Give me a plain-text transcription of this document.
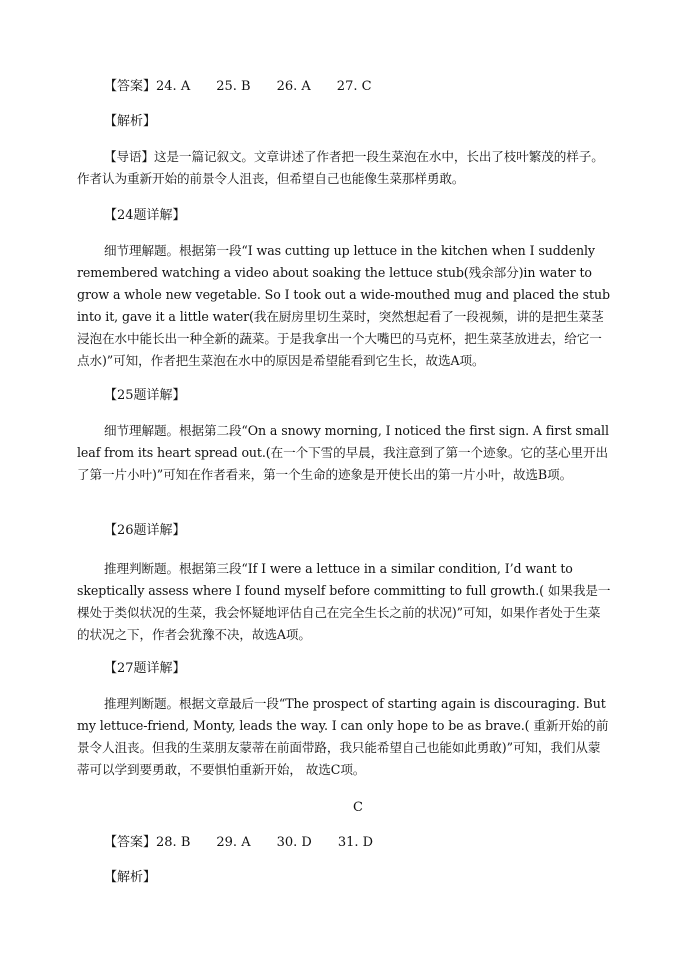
【答案】24. A 25. B 26. A 27. C
【解析】
【导语】这是一篇记叙文。文章讲述了作者把一段生菜泡在水中，长出了枝叶繁茂的样子。作者认为重新开始的前景令人沮丧，但希望自己也能像生菜那样勇敢。
【24题详解】
细节理解题。根据第一段“I was cutting up lettuce in the kitchen when I suddenly remembered watching a video about soaking the lettuce stub(残余部分)in water to grow a whole new vegetable. So I took out a wide-mouthed mug and placed the stub into it, gave it a little water(我在厨房里切生菜时，突然想起看了一段视频，讲的是把生菜茎浸泡在水中能长出一种全新的蔬菜。于是我拿出一个大嘴巴的马克杯，把生菜茎放进去，给它一点水)”可知，作者把生菜泡在水中的原因是希望能看到它生长，故选A项。
【25题详解】
细节理解题。根据第二段“On a snowy morning, I noticed the first sign. A first small leaf from its heart spread out.(在一个下雪的早晨，我注意到了第一个迹象。它的茎心里开出了第一片小叶)”可知在作者看来，第一个生命的迹象是开使长出的第一片小叶，故选B项。
【26题详解】
推理判断题。根据第三段“If I were a lettuce in a similar condition, I’d want to skeptically assess where I found myself before committing to full growth.( 如果我是一棵处于类似状况的生菜，我会怀疑地评估自己在完全生长之前的状况)”可知，如果作者处于生菜的状况之下，作者会犹豫不决，故选A项。
【27题详解】
推理判断题。根据文章最后一段“The prospect of starting again is discouraging. But my lettuce-friend, Monty, leads the way. I can only hope to be as brave.( 重新开始的前景令人沮丧。但我的生菜朋友蒙蒂在前面带路，我只能希望自己也能如此勇敢)”可知，我们从蒙蒂可以学到要勇敢，不要惧怕重新开始， 故选C项。
C
【答案】28. B 29. A 30. D 31. D
【解析】
